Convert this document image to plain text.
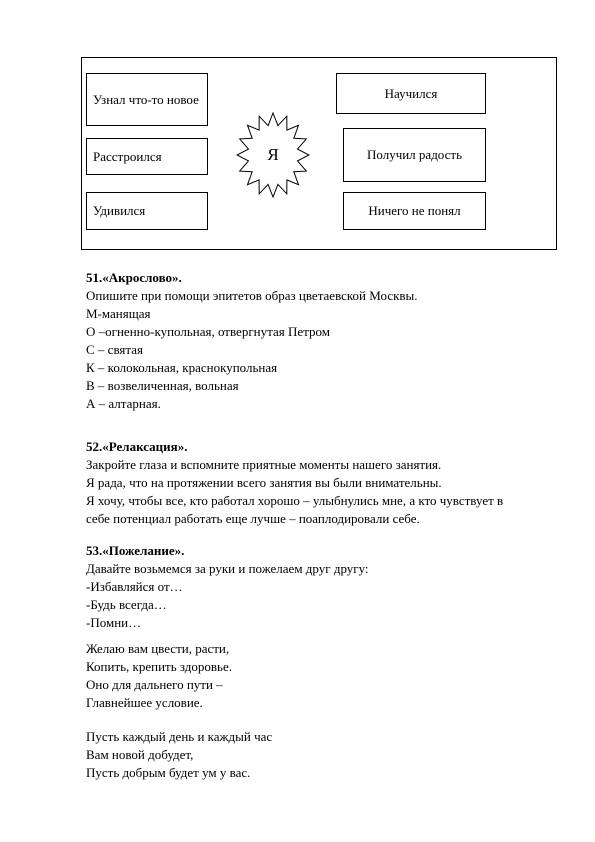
Узнал что-то новое
Расстроился
Удивился
Научился
Получил радость
Ничего не понял
Я
51.«Акрослово».

Опишите при помощи эпитетов образ цветаевской Москвы.

М-манящая

О –огненно-купольная, отвергнутая Петром

С – святая

К – колокольная, краснокупольная

В – возвеличенная, вольная

А – алтарная.

52.«Релаксация».

Закройте глаза и вспомните приятные моменты нашего занятия.

Я рада, что на протяжении всего занятия вы были внимательны.

Я хочу, чтобы все, кто работал хорошо – улыбнулись мне, а кто чувствует в

себе потенциал работать еще лучше – поаплодировали себе.

53.«Пожелание».

Давайте возьмемся за руки и пожелаем друг другу:

-Избавляйся от…

-Будь всегда…

-Помни…

Желаю вам цвести, расти,

Копить, крепить здоровье.

Оно для дальнего пути –

Главнейшее условие.

Пусть каждый день и каждый час

Вам новой добудет,

Пусть добрым будет ум у вас.
